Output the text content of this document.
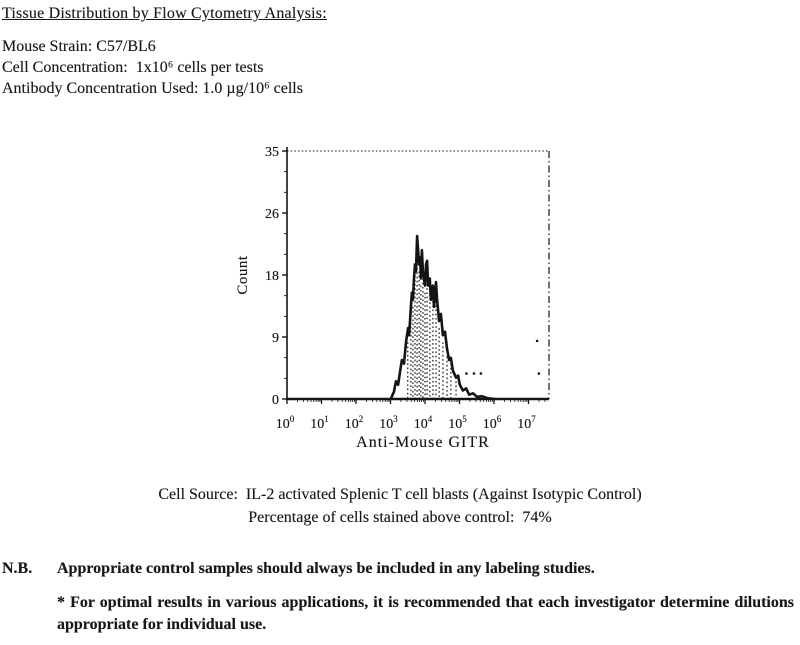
Tissue Distribution by Flow Cytometry Analysis:
Mouse Strain: C57/BL6
Cell Concentration:  1x10⁶ cells per tests
Antibody Concentration Used: 1.0 µg/10⁶ cells
0
9
18
26
35
$10^0$ $10^1$ $10^2$ $10^3$ $10^4$ $10^5$ $10^6$ $10^7$
Count
Anti-Mouse GITR
Cell Source:  IL-2 activated Splenic T cell blasts (Against Isotypic Control)
Percentage of cells stained above control:  74%
N.B. Appropriate control samples should always be included in any labeling studies.
* For optimal results in various applications, it is recommended that each investigator determine dilutions appropriate for individual use.
